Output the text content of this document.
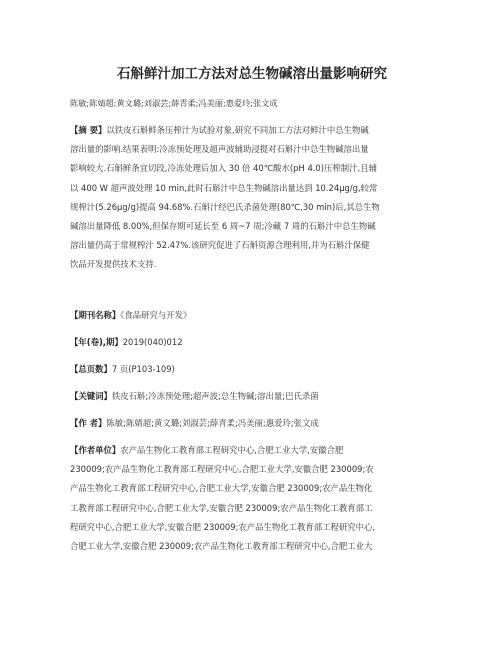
石斛鲜汁加工方法对总生物碱溶出量影响研究
陈敏;陈婧超;黄文璐;刘淑芸;薛青柔;冯美丽;惠爱玲;张文成
【摘 要】以铁皮石斛鲜条压榨汁为试验对象,研究不同加工方法对鲜汁中总生物碱
溶出量的影响.结果表明:冷冻预处理及超声波辅助浸提对石斛汁中总生物碱溶出量
影响较大.石斛鲜条宜切段,冷冻处理后加入 30 倍 40℃酸水(pH 4.0)压榨制汁,且辅
以 400 W 超声波处理 10 min,此时石斛汁中总生物碱溶出量达到 10.24μg/g,较常
规榨汁(5.26μg/g)提高 94.68%.石斛汁经巴氏杀菌处理(80℃,30 min)后,其总生物
碱溶出量降低 8.00%,但保存期可延长至 6 周~7 周;冷藏 7 周的石斛汁中总生物碱
溶出量仍高于常规榨汁 52.47%.该研究促进了石斛资源合理利用,并为石斛汁保健
饮品开发提供技术支持.
【期刊名称】《食品研究与开发》
【年(卷),期】2019(040)012
【总页数】7 页(P103-109)
【关键词】铁皮石斛;冷冻预处理;超声波;总生物碱;溶出量;巴氏杀菌
【作 者】陈敏;陈婧超;黄文璐;刘淑芸;薛青柔;冯美丽;惠爱玲;张文成
【作者单位】农产品生物化工教育部工程研究中心,合肥工业大学,安徽合肥
230009;农产品生物化工教育部工程研究中心,合肥工业大学,安徽合肥 230009;农
产品生物化工教育部工程研究中心,合肥工业大学,安徽合肥 230009;农产品生物化
工教育部工程研究中心,合肥工业大学,安徽合肥 230009;农产品生物化工教育部工
程研究中心,合肥工业大学,安徽合肥 230009;农产品生物化工教育部工程研究中心,
合肥工业大学,安徽合肥 230009;农产品生物化工教育部工程研究中心,合肥工业大
